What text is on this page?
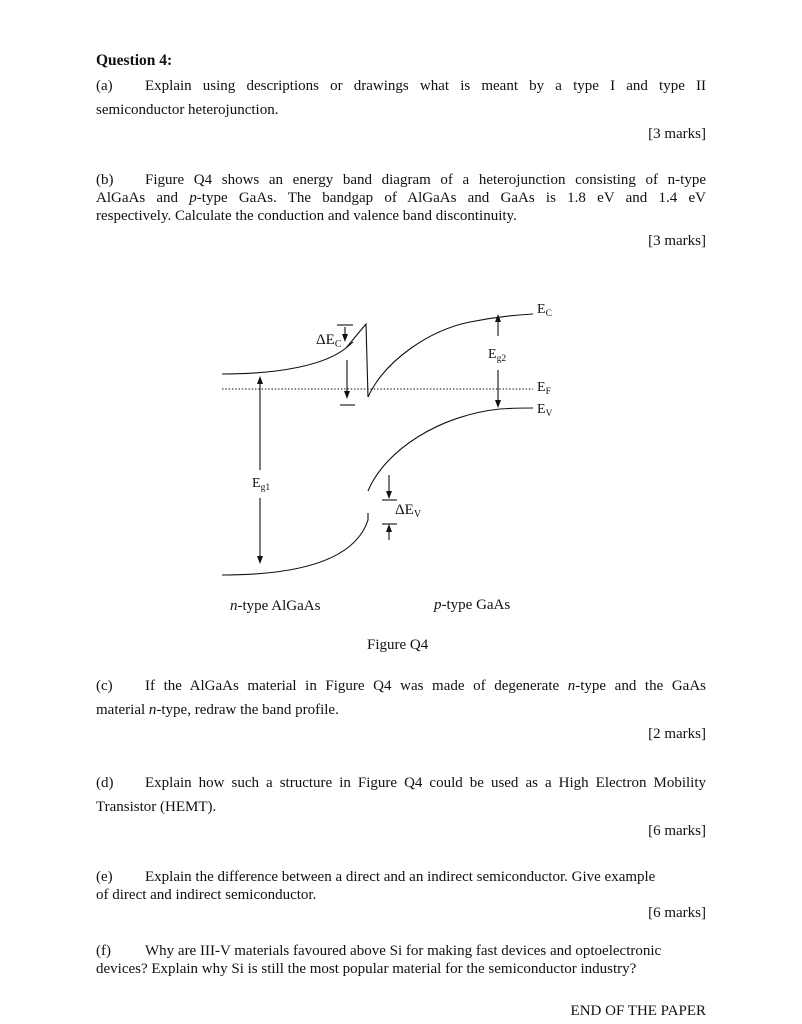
Question 4:
(a) Explain using descriptions or drawings what is meant by a type I and type II
semiconductor heterojunction.
[3 marks]
(b) Figure Q4 shows an energy band diagram of a heterojunction consisting of n-type
AlGaAs and p-type GaAs. The bandgap of AlGaAs and GaAs is 1.8 eV and 1.4 eV
respectively. Calculate the conduction and valence band discontinuity.
[3 marks]
$\Delta E_C$
$E_C$
$E_{g2}$
$E_F$
$E_V$
$E_{g1}$
$\Delta E_V$
n-type AlGaAs	p-type GaAs
Figure Q4
(c) If the AlGaAs material in Figure Q4 was made of degenerate n-type and the GaAs
material n-type, redraw the band profile.
[2 marks]
(d) Explain how such a structure in Figure Q4 could be used as a High Electron Mobility
Transistor (HEMT).
[6 marks]
(e) Explain the difference between a direct and an indirect semiconductor. Give example
of direct and indirect semiconductor.
[6 marks]
(f) Why are III-V materials favoured above Si for making fast devices and optoelectronic
devices? Explain why Si is still the most popular material for the semiconductor industry?
END OF THE PAPER
